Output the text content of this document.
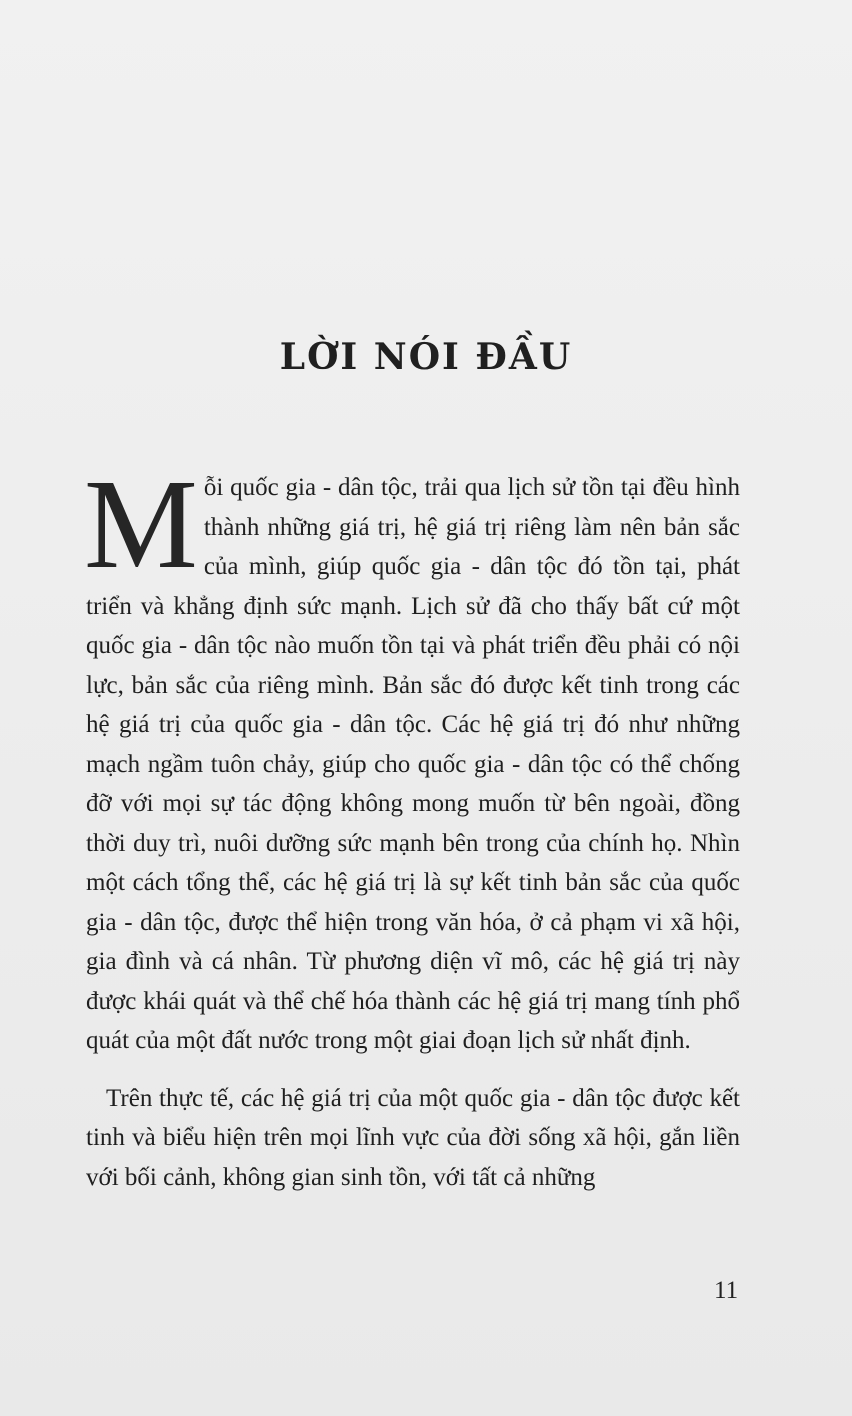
LỜI NÓI ĐẦU

Mỗi quốc gia - dân tộc, trải qua lịch sử tồn tại đều hình thành những giá trị, hệ giá trị riêng làm nên bản sắc của mình, giúp quốc gia - dân tộc đó tồn tại, phát triển và khẳng định sức mạnh. Lịch sử đã cho thấy bất cứ một quốc gia - dân tộc nào muốn tồn tại và phát triển đều phải có nội lực, bản sắc của riêng mình. Bản sắc đó được kết tinh trong các hệ giá trị của quốc gia - dân tộc. Các hệ giá trị đó như những mạch ngầm tuôn chảy, giúp cho quốc gia - dân tộc có thể chống đỡ với mọi sự tác động không mong muốn từ bên ngoài, đồng thời duy trì, nuôi dưỡng sức mạnh bên trong của chính họ. Nhìn một cách tổng thể, các hệ giá trị là sự kết tinh bản sắc của quốc gia - dân tộc, được thể hiện trong văn hóa, ở cả phạm vi xã hội, gia đình và cá nhân. Từ phương diện vĩ mô, các hệ giá trị này được khái quát và thể chế hóa thành các hệ giá trị mang tính phổ quát của một đất nước trong một giai đoạn lịch sử nhất định.

Trên thực tế, các hệ giá trị của một quốc gia - dân tộc được kết tinh và biểu hiện trên mọi lĩnh vực của đời sống xã hội, gắn liền với bối cảnh, không gian sinh tồn, với tất cả những

11
